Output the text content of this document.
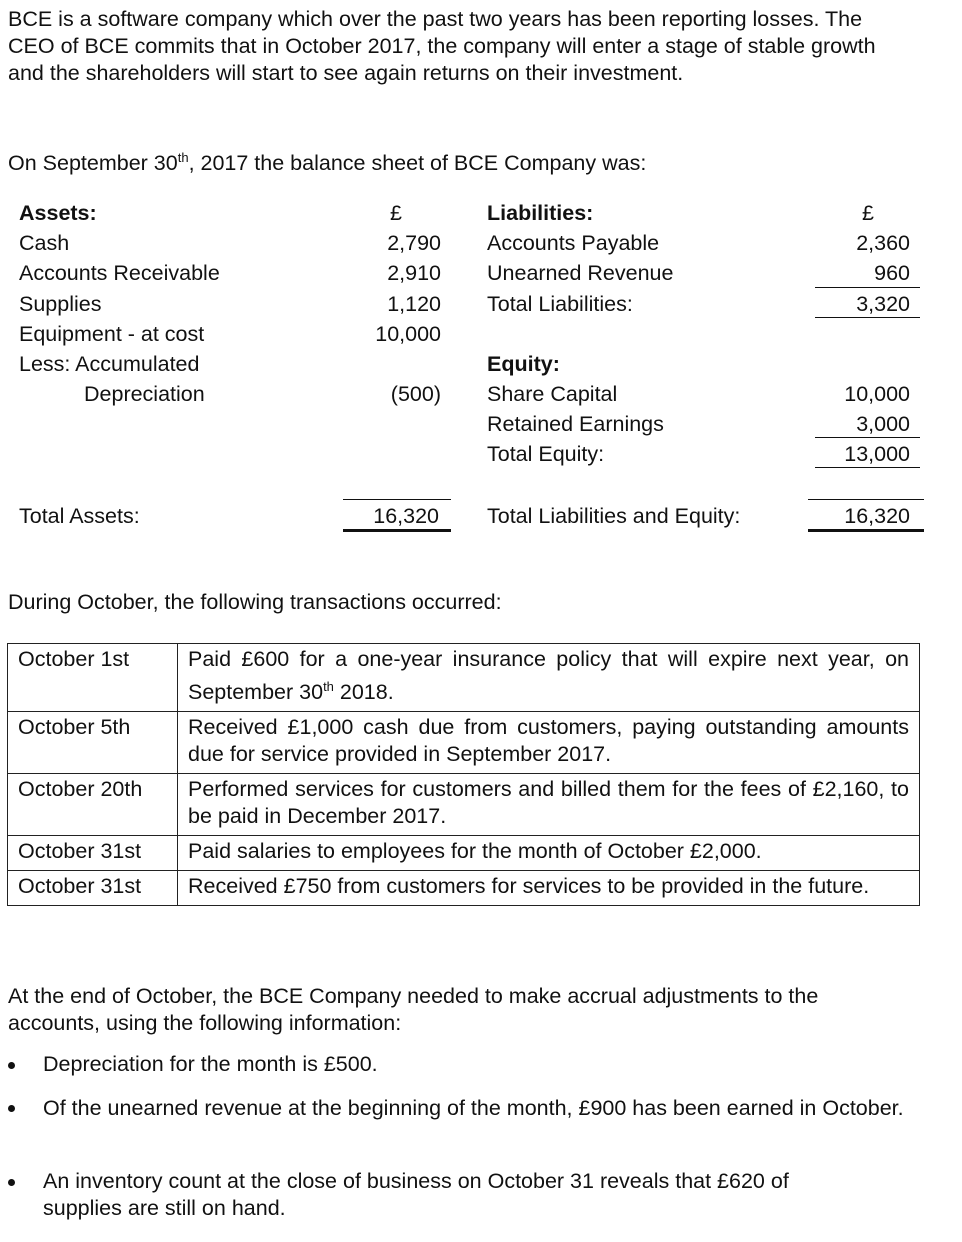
BCE is a software company which over the past two years has been reporting losses. The CEO of BCE commits that in October 2017, the company will enter a stage of stable growth and the shareholders will start to see again returns on their investment.
On September 30th, 2017 the balance sheet of BCE Company was:
Assets:	£
Cash	2,790
Accounts Receivable	2,910
Supplies	1,120
Equipment - at cost	10,000
Less: Accumulated
Depreciation	(500)
Total Assets:	16,320
Liabilities:	£
Accounts Payable	2,360
Unearned Revenue	960
Total Liabilities:	3,320
Equity:
Share Capital	10,000
Retained Earnings	3,000
Total Equity:	13,000
Total Liabilities and Equity:	16,320
During October, the following transactions occurred:
October 1st	Paid £600 for a one-year insurance policy that will expire next year, on September 30th 2018.
October 5th	Received £1,000 cash due from customers, paying outstanding amounts due for service provided in September 2017.
October 20th	Performed services for customers and billed them for the fees of £2,160, to be paid in December 2017.
October 31st	Paid salaries to employees for the month of October £2,000.
October 31st	Received £750 from customers for services to be provided in the future.
At the end of October, the BCE Company needed to make accrual adjustments to the accounts, using the following information:
Depreciation for the month is £500.
Of the unearned revenue at the beginning of the month, £900 has been earned in October.
An inventory count at the close of business on October 31 reveals that £620 of supplies are still on hand.
